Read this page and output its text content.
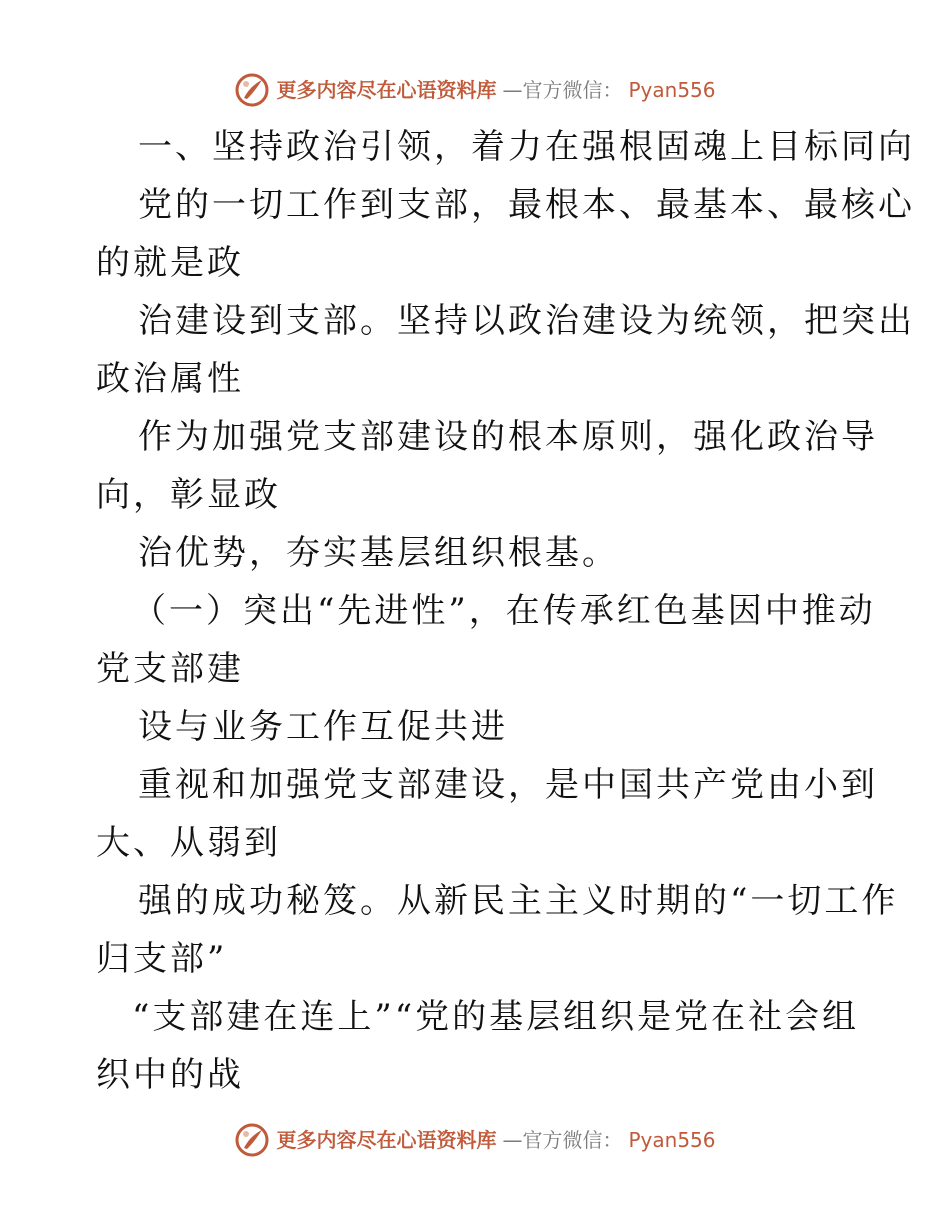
更多内容尽在心语资料库 —官方微信： Pyan556
一、坚持政治引领，着力在强根固魂上目标同向
党的一切工作到支部，最根本、最基本、最核心
的就是政
治建设到支部。坚持以政治建设为统领，把突出
政治属性
作为加强党支部建设的根本原则，强化政治导
向，彰显政
治优势，夯实基层组织根基。
（一）突出“先进性”，在传承红色基因中推动
党支部建
设与业务工作互促共进
重视和加强党支部建设，是中国共产党由小到
大、从弱到
强的成功秘笈。从新民主主义时期的“一切工作
归支部”
“支部建在连上”“党的基层组织是党在社会组
织中的战
更多内容尽在心语资料库 —官方微信： Pyan556
